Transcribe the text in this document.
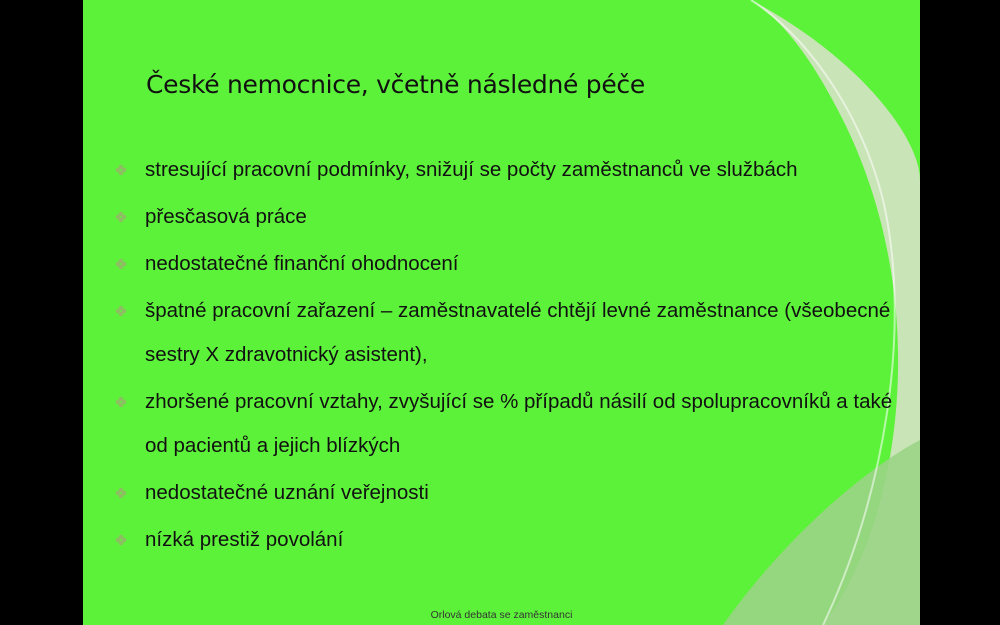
České nemocnice, včetně následné péče
stresující pracovní podmínky, snižují se počty zaměstnanců ve službách
přesčasová práce
nedostatečné finanční ohodnocení
špatné pracovní zařazení – zaměstnavatelé chtějí levné zaměstnance (všeobecné sestry X zdravotnický asistent),
zhoršené pracovní vztahy, zvyšující se % případů násilí od spolupracovníků a také od pacientů a jejich blízkých
nedostatečné uznání veřejnosti
nízká prestiž povolání
Orlová debata se zaměstnanci
